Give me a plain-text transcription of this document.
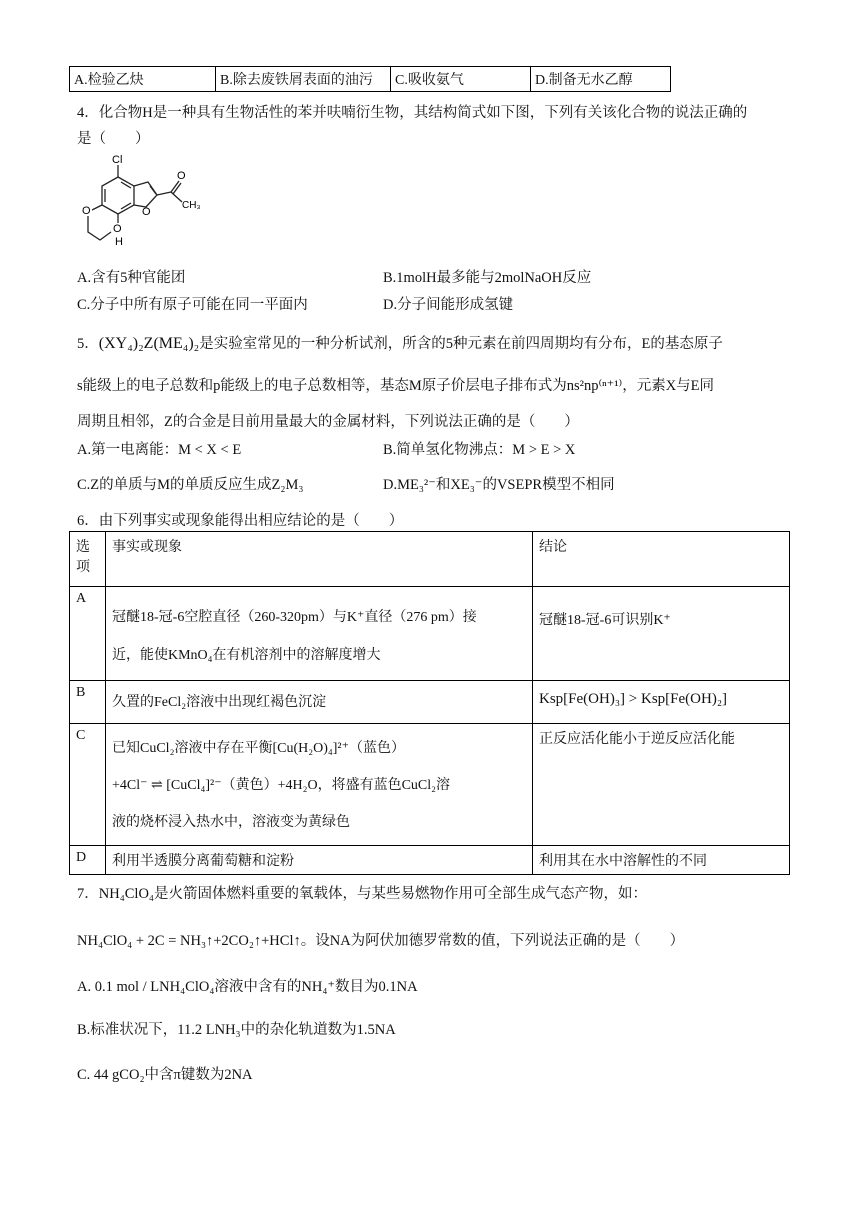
A.检验乙炔	B.除去废铁屑表面的油污	C.吸收氨气	D.制备无水乙醇
4．化合物H是一种具有生物活性的苯并呋喃衍生物，其结构简式如下图，下列有关该化合物的说法正确的
是（　　）
Cl
O
O
O
H
O
CH₃
A.含有5种官能团	B.1molH最多能与2molNaOH反应
C.分子中所有原子可能在同一平面内	D.分子间能形成氢键
5．(XY₄)₂Z(ME₄)₂是实验室常见的一种分析试剂，所含的5种元素在前四周期均有分布，E的基态原子
s能级上的电子总数和p能级上的电子总数相等，基态M原子价层电子排布式为ns²np⁽ⁿ⁺¹⁾，元素X与E同
周期且相邻，Z的合金是目前用量最大的金属材料，下列说法正确的是（　　）
A.第一电离能：M < X < E	B.简单氢化物沸点：M > E > X
C.Z的单质与M的单质反应生成Z₂M₃	D.ME₃²⁻和XE₃⁻的VSEPR模型不相同
6．由下列事实或现象能得出相应结论的是（　　）
选项	事实或现象	结论
A	冠醚18-冠-6空腔直径（260-320pm）与K⁺直径（276 pm）接
近，能使KMnO₄在有机溶剂中的溶解度增大	冠醚18-冠-6可识别K⁺

B	久置的FeCl₂溶液中出现红褐色沉淀	Ksp[Fe(OH)₃] > Ksp[Fe(OH)₂]

C	已知CuCl₂溶液中存在平衡[Cu(H₂O)₄]²⁺（蓝色）
+4Cl⁻ ⇌ [CuCl₄]²⁻（黄色）+4H₂O，将盛有蓝色CuCl₂溶
液的烧杯浸入热水中，溶液变为黄绿色	正反应活化能小于逆反应活化能

D	利用半透膜分离葡萄糖和淀粉	利用其在水中溶解性的不同
7．NH₄ClO₄是火箭固体燃料重要的氧载体，与某些易燃物作用可全部生成气态产物，如：
NH₄ClO₄ + 2C = NH₃↑+2CO₂↑+HCl↑。设NA为阿伏加德罗常数的值，下列说法正确的是（　　）
A. 0.1 mol / LNH₄ClO₄溶液中含有的NH₄⁺数目为0.1NA
B.标准状况下，11.2 LNH₃中的杂化轨道数为1.5NA
C. 44 gCO₂中含π键数为2NA
